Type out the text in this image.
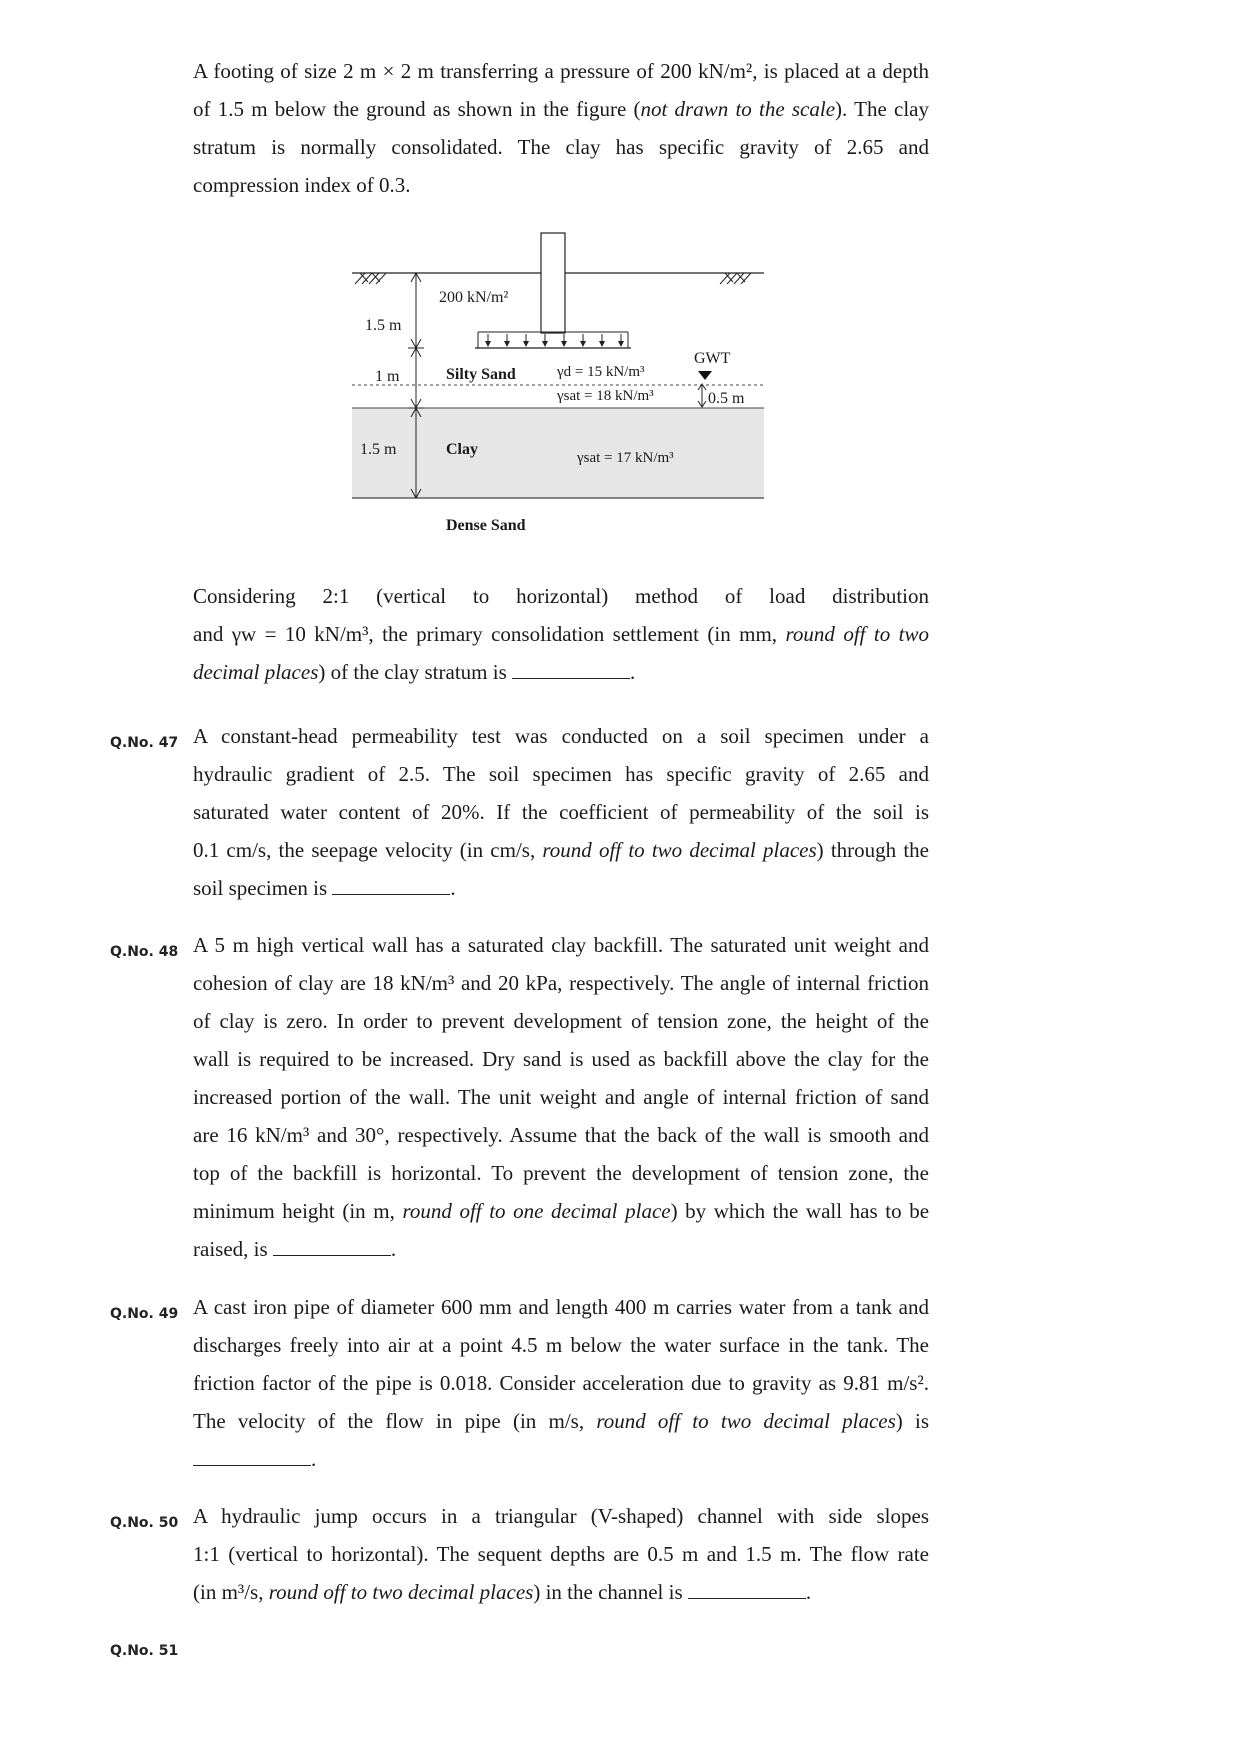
A footing of size 2 m × 2 m transferring a pressure of 200 kN/m², is placed at a depth
of 1.5 m below the ground as shown in the figure (not drawn to the scale). The clay
stratum is normally consolidated. The clay has specific gravity of 2.65 and
compression index of 0.3.
200 kN/m²
1.5 m
1 m
1.5 m
Silty Sand	γd = 15 kN/m³
γsat = 18 kN/m³
GWT
0.5 m
Clay	γsat = 17 kN/m³
Dense Sand
Considering 2:1 (vertical to horizontal) method of load distribution
and γw = 10 kN/m³, the primary consolidation settlement (in mm, round off to two
decimal places) of the clay stratum is	.
Q.No. 47 A constant-head permeability test was conducted on a soil specimen under a
hydraulic gradient of 2.5. The soil specimen has specific gravity of 2.65 and
saturated water content of 20%. If the coefficient of permeability of the soil is
0.1 cm/s, the seepage velocity (in cm/s, round off to two decimal places) through the
soil specimen is	.
Q.No. 48 A 5 m high vertical wall has a saturated clay backfill. The saturated unit weight and
cohesion of clay are 18 kN/m³ and 20 kPa, respectively. The angle of internal friction
of clay is zero. In order to prevent development of tension zone, the height of the
wall is required to be increased. Dry sand is used as backfill above the clay for the
increased portion of the wall. The unit weight and angle of internal friction of sand
are 16 kN/m³ and 30°, respectively. Assume that the back of the wall is smooth and
top of the backfill is horizontal. To prevent the development of tension zone, the
minimum height (in m, round off to one decimal place) by which the wall has to be
raised, is	.
Q.No. 49 A cast iron pipe of diameter 600 mm and length 400 m carries water from a tank and
discharges freely into air at a point 4.5 m below the water surface in the tank. The
friction factor of the pipe is 0.018. Consider acceleration due to gravity as 9.81 m/s².
The velocity of the flow in pipe (in m/s, round off to two decimal places) is
.
Q.No. 50 A hydraulic jump occurs in a triangular (V-shaped) channel with side slopes
1:1 (vertical to horizontal). The sequent depths are 0.5 m and 1.5 m. The flow rate
(in m³/s, round off to two decimal places) in the channel is	.
Q.No. 51
